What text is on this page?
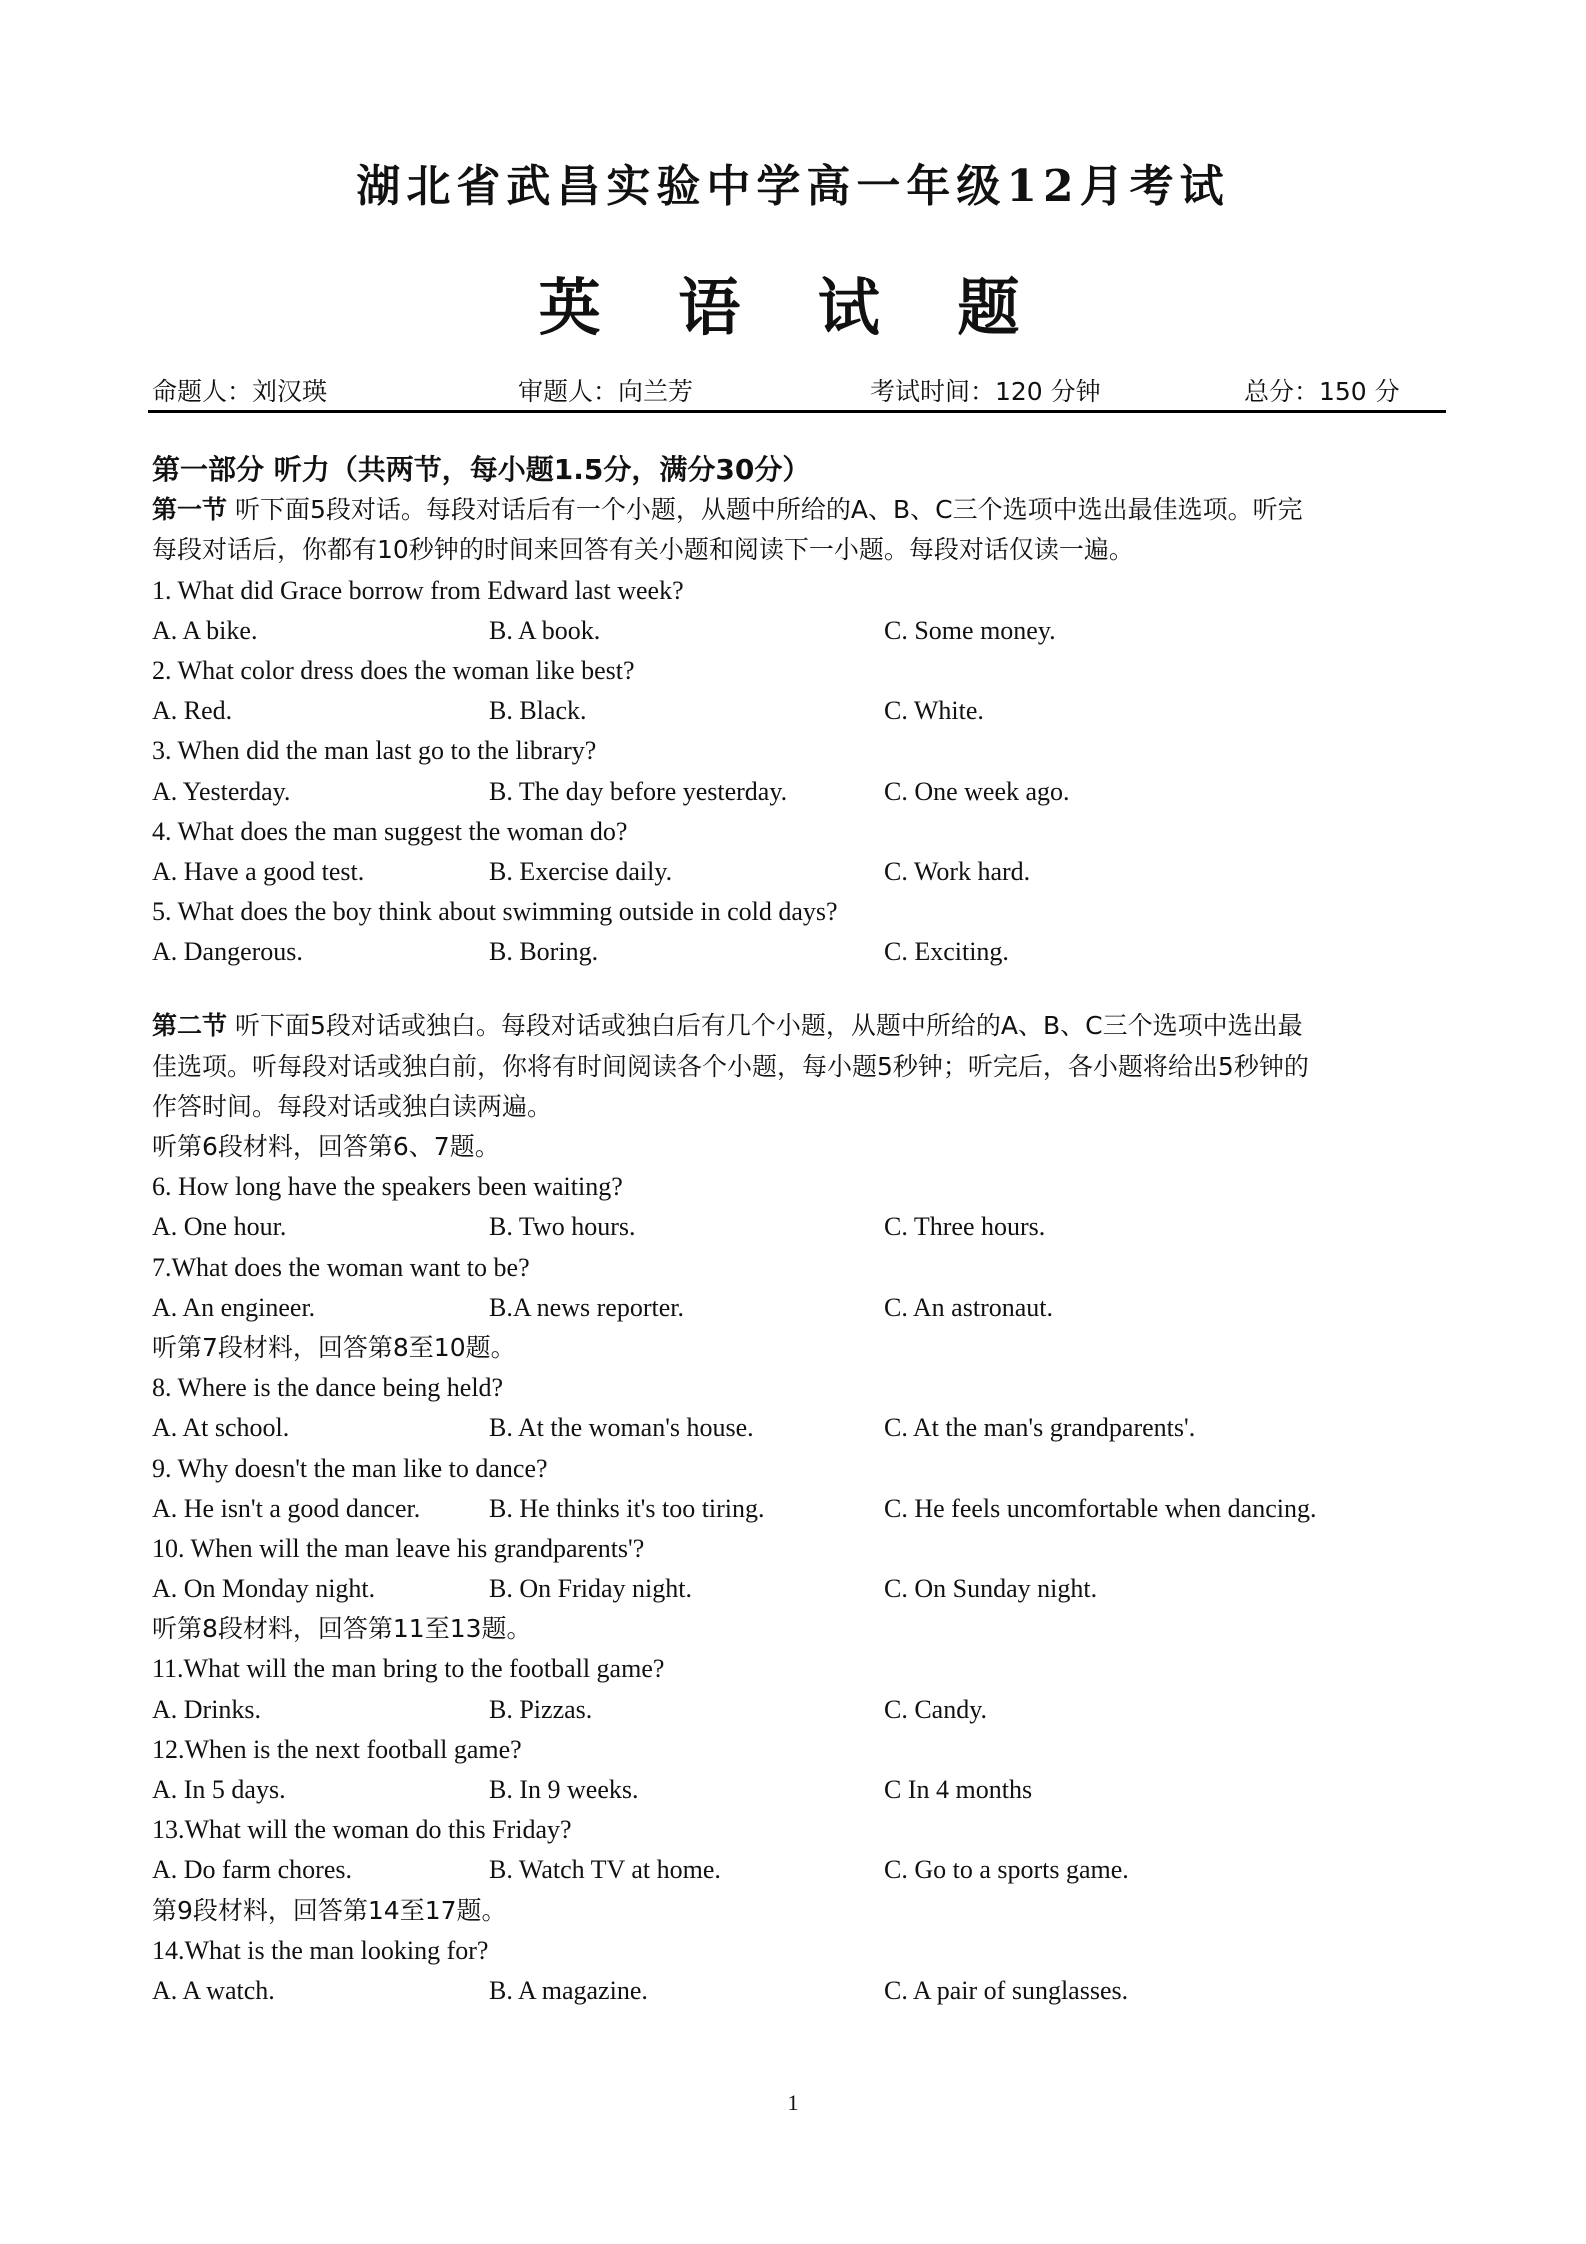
湖北省武昌实验中学高一年级12月考试
英 语 试 题
命题人：刘汉瑛	审题人：向兰芳	考试时间：120 分钟	总分：150 分
第一部分 听力（共两节，每小题1.5分，满分30分）
第一节 听下面5段对话。每段对话后有一个小题，从题中所给的A、B、C三个选项中选出最佳选项。听完
每段对话后，你都有10秒钟的时间来回答有关小题和阅读下一小题。每段对话仅读一遍。
1. What did Grace borrow from Edward last week?
A. A bike.	B. A book.	C. Some money.
2. What color dress does the woman like best?
A. Red.	B. Black.	C. White.
3. When did the man last go to the library?
A. Yesterday.	B. The day before yesterday.	C. One week ago.
4. What does the man suggest the woman do?
A. Have a good test.	B. Exercise daily.	C. Work hard.
5. What does the boy think about swimming outside in cold days?
A. Dangerous.	B. Boring.	C. Exciting.
第二节 听下面5段对话或独白。每段对话或独白后有几个小题，从题中所给的A、B、C三个选项中选出最
佳选项。听每段对话或独白前，你将有时间阅读各个小题，每小题5秒钟；听完后，各小题将给出5秒钟的
作答时间。每段对话或独白读两遍。
听第6段材料，回答第6、7题。
6. How long have the speakers been waiting?
A. One hour.	B. Two hours.	C. Three hours.
7.What does the woman want to be?
A. An engineer.	B.A news reporter.	C. An astronaut.
听第7段材料，回答第8至10题。
8. Where is the dance being held?
A. At school.	B. At the woman's house.	C. At the man's grandparents'.
9. Why doesn't the man like to dance?
A. He isn't a good dancer.	B. He thinks it's too tiring.	C. He feels uncomfortable when dancing.
10. When will the man leave his grandparents'?
A. On Monday night.	B. On Friday night.	C. On Sunday night.
听第8段材料，回答第11至13题。
11.What will the man bring to the football game?
A. Drinks.	B. Pizzas.	C. Candy.
12.When is the next football game?
A. In 5 days.	B. In 9 weeks.	C In 4 months
13.What will the woman do this Friday?
A. Do farm chores.	B. Watch TV at home.	C. Go to a sports game.
第9段材料，回答第14至17题。
14.What is the man looking for?
A. A watch.	B. A magazine.	C. A pair of sunglasses.
1
